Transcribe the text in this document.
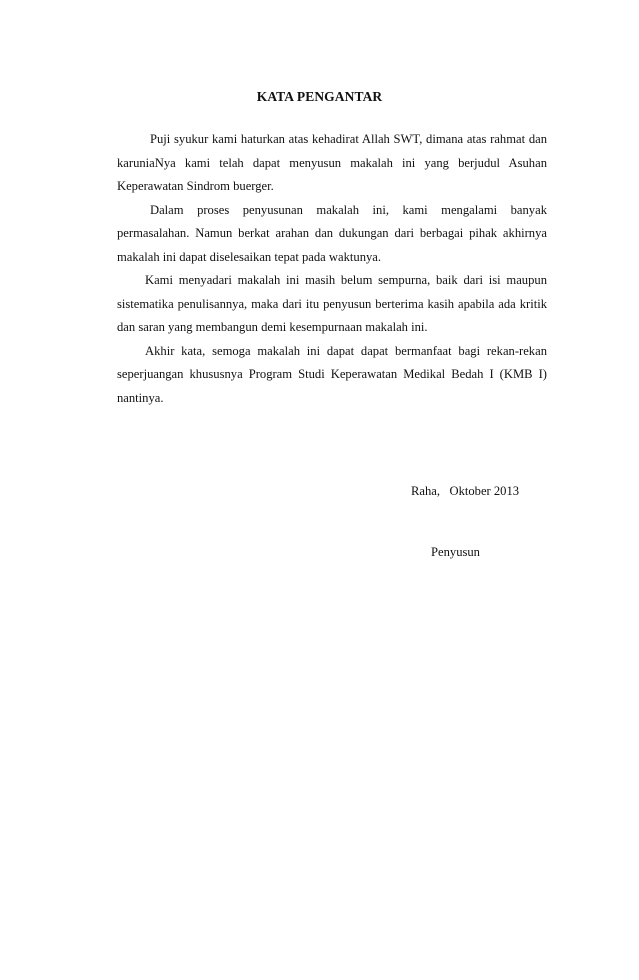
KATA PENGANTAR

Puji syukur kami haturkan atas kehadirat Allah SWT, dimana atas rahmat dan karuniaNya kami telah dapat menyusun makalah ini yang berjudul Asuhan Keperawatan Sindrom buerger.

Dalam proses penyusunan makalah ini, kami mengalami banyak permasalahan. Namun berkat arahan dan dukungan dari berbagai pihak akhirnya makalah ini dapat diselesaikan tepat pada waktunya.

Kami menyadari makalah ini masih belum sempurna, baik dari isi maupun sistematika penulisannya, maka dari itu penyusun berterima kasih apabila ada kritik dan saran yang membangun demi kesempurnaan makalah ini.

Akhir kata, semoga makalah ini dapat dapat bermanfaat bagi rekan-rekan seperjuangan khususnya Program Studi Keperawatan Medikal Bedah I (KMB I) nantinya.

Raha,   Oktober 2013
Penyusun
